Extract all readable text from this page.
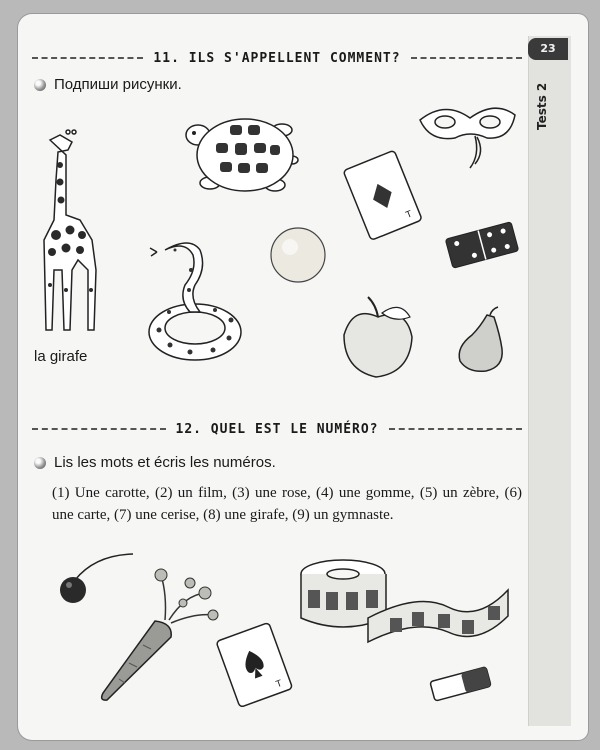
23
Tests 2
11. ILS S'APPELLENT COMMENT?
Подпиши рисунки.
la girafe
T
12. QUEL EST LE NUMÉRO?
Lis les mots et écris les numéros.
(1) Une carotte, (2) un film, (3) une rose, (4) une gomme, (5) un zèbre, (6) une carte, (7) une cerise, (8) une girafe, (9) un gymnaste.
T
